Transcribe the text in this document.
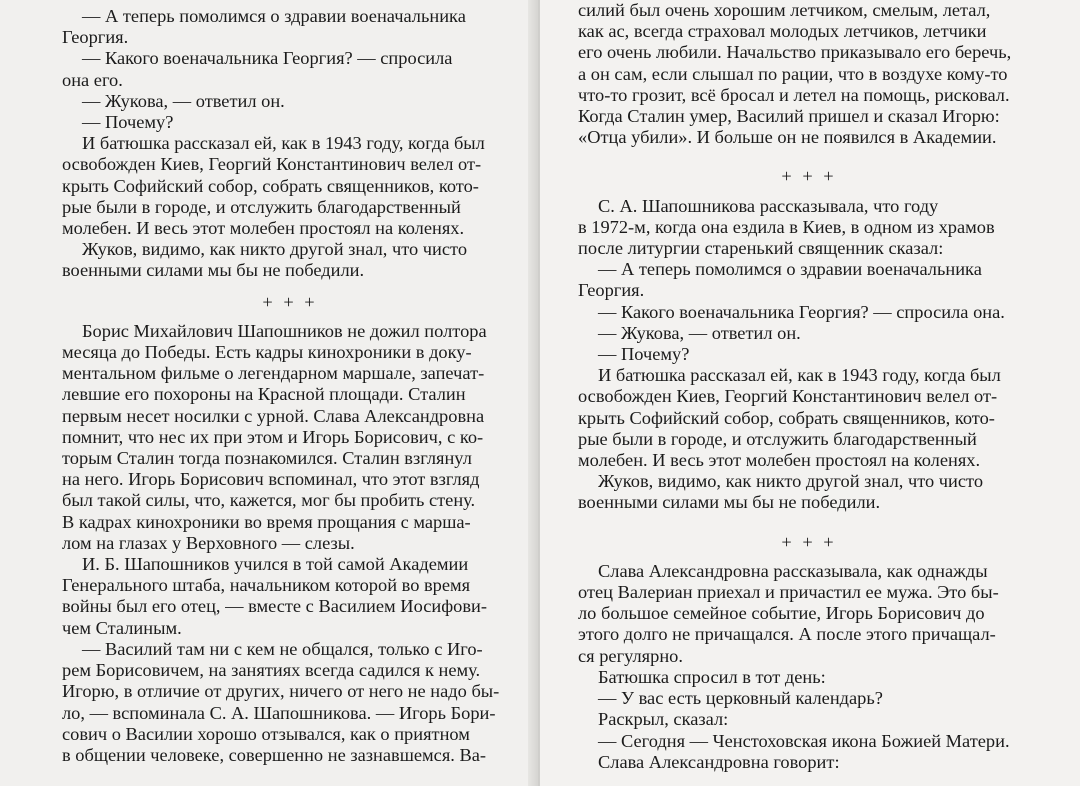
— А теперь помолимся о здравии военачальника

Георгия.

— Какого военачальника Георгия? — спросила

она его.

— Жукова, — ответил он.

— Почему?

И батюшка рассказал ей, как в 1943 году, когда был

освобожден Киев, Георгий Константинович велел от-

крыть Софийский собор, собрать священников, кото-

рые были в городе, и отслужить благодарственный

молебен. И весь этот молебен простоял на коленях.

Жуков, видимо, как никто другой знал, что чисто

военными силами мы бы не победили.

+ + +

Борис Михайлович Шапошников не дожил полтора

месяца до Победы. Есть кадры кинохроники в доку-

ментальном фильме о легендарном маршале, запечат-

левшие его похороны на Красной площади. Сталин

первым несет носилки с урной. Слава Александровна

помнит, что нес их при этом и Игорь Борисович, с ко-

торым Сталин тогда познакомился. Сталин взглянул

на него. Игорь Борисович вспоминал, что этот взгляд

был такой силы, что, кажется, мог бы пробить стену.

В кадрах кинохроники во время прощания с марша-

лом на глазах у Верховного — слезы.

И. Б. Шапошников учился в той самой Академии

Генерального штаба, начальником которой во время

войны был его отец, — вместе с Василием Иосифови-

чем Сталиным.

— Василий там ни с кем не общался, только с Иго-

рем Борисовичем, на занятиях всегда садился к нему.

Игорю, в отличие от других, ничего от него не надо бы-

ло, — вспоминала С. А. Шапошникова. — Игорь Бори-

сович о Василии хорошо отзывался, как о приятном

в общении человеке, совершенно не зазнавшемся. Ва-

силий был очень хорошим летчиком, смелым, летал,

как ас, всегда страховал молодых летчиков, летчики

его очень любили. Начальство приказывало его беречь,

а он сам, если слышал по рации, что в воздухе кому-то

что-то грозит, всё бросал и летел на помощь, рисковал.

Когда Сталин умер, Василий пришел и сказал Игорю:

«Отца убили». И больше он не появился в Академии.

+ + +

С. А. Шапошникова рассказывала, что году

в 1972-м, когда она ездила в Киев, в одном из храмов

после литургии старенький священник сказал:

— А теперь помолимся о здравии военачальника

Георгия.

— Какого военачальника Георгия? — спросила она.

— Жукова, — ответил он.

— Почему?

И батюшка рассказал ей, как в 1943 году, когда был

освобожден Киев, Георгий Константинович велел от-

крыть Софийский собор, собрать священников, кото-

рые были в городе, и отслужить благодарственный

молебен. И весь этот молебен простоял на коленях.

Жуков, видимо, как никто другой знал, что чисто

военными силами мы бы не победили.

+ + +

Слава Александровна рассказывала, как однажды

отец Валериан приехал и причастил ее мужа. Это бы-

ло большое семейное событие, Игорь Борисович до

этого долго не причащался. А после этого причащал-

ся регулярно.

Батюшка спросил в тот день:

— У вас есть церковный календарь?

Раскрыл, сказал:

— Сегодня — Ченстоховская икона Божией Матери.

Слава Александровна говорит:
